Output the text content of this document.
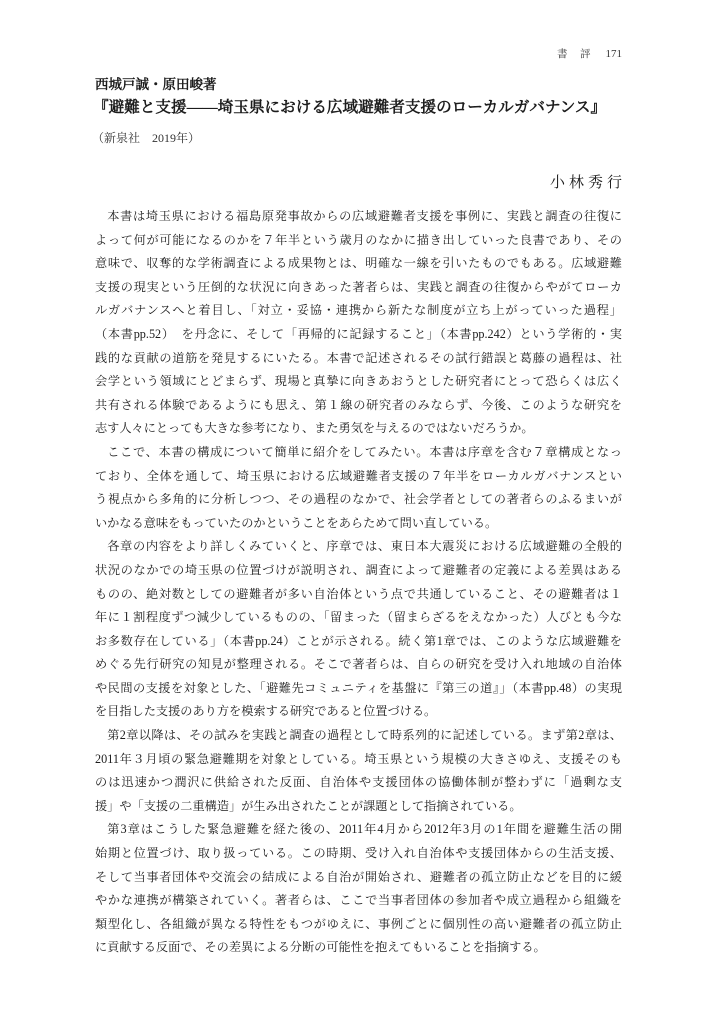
書　評 171
西城戸誠・原田峻著
『避難と支援――埼玉県における広域避難者支援のローカルガバナンス』
（新泉社　2019年）
小林秀行
本書は埼玉県における福島原発事故からの広域避難者支援を事例に、実践と調査の往復に
よって何が可能になるのかを７年半という歳月のなかに描き出していった良書であり、その
意味で、収奪的な学術調査による成果物とは、明確な一線を引いたものでもある。広域避難
支援の現実という圧倒的な状況に向きあった著者らは、実践と調査の往復からやがてローカ
ルガバナンスへと着目し、「対立・妥協・連携から新たな制度が立ち上がっていった過程」
（本書pp.52）　を丹念に、そして「再帰的に記録すること」（本書pp.242）という学術的・実
践的な貢献の道筋を発見するにいたる。本書で記述されるその試行錯誤と葛藤の過程は、社
会学という領域にとどまらず、現場と真摯に向きあおうとした研究者にとって恐らくは広く
共有される体験であるようにも思え、第１線の研究者のみならず、今後、このような研究を
志す人々にとっても大きな参考になり、また勇気を与えるのではないだろうか。
ここで、本書の構成について簡単に紹介をしてみたい。本書は序章を含む７章構成となっ
ており、全体を通して、埼玉県における広域避難者支援の７年半をローカルガバナンスとい
う視点から多角的に分析しつつ、その過程のなかで、社会学者としての著者らのふるまいが
いかなる意味をもっていたのかということをあらためて問い直している。
各章の内容をより詳しくみていくと、序章では、東日本大震災における広域避難の全般的
状況のなかでの埼玉県の位置づけが説明され、調査によって避難者の定義による差異はある
ものの、絶対数としての避難者が多い自治体という点で共通していること、その避難者は１
年に１割程度ずつ減少しているものの、「留まった（留まらざるをえなかった）人びとも今な
お多数存在している」（本書pp.24）ことが示される。続く第1章では、このような広域避難を
めぐる先行研究の知見が整理される。そこで著者らは、自らの研究を受け入れ地域の自治体
や民間の支援を対象とした、「避難先コミュニティを基盤に『第三の道』」（本書pp.48）の実現
を目指した支援のあり方を模索する研究であると位置づける。
第2章以降は、その試みを実践と調査の過程として時系列的に記述している。まず第2章は、
2011年３月頃の緊急避難期を対象としている。埼玉県という規模の大きさゆえ、支援そのも
のは迅速かつ潤沢に供給された反面、自治体や支援団体の協働体制が整わずに「過剰な支
援」や「支援の二重構造」が生み出されたことが課題として指摘されている。
第3章はこうした緊急避難を経た後の、2011年4月から2012年3月の1年間を避難生活の開
始期と位置づけ、取り扱っている。この時期、受け入れ自治体や支援団体からの生活支援、
そして当事者団体や交流会の結成による自治が開始され、避難者の孤立防止などを目的に緩
やかな連携が構築されていく。著者らは、ここで当事者団体の参加者や成立過程から組織を
類型化し、各組織が異なる特性をもつがゆえに、事例ごとに個別性の高い避難者の孤立防止
に貢献する反面で、その差異による分断の可能性を抱えてもいることを指摘する。
